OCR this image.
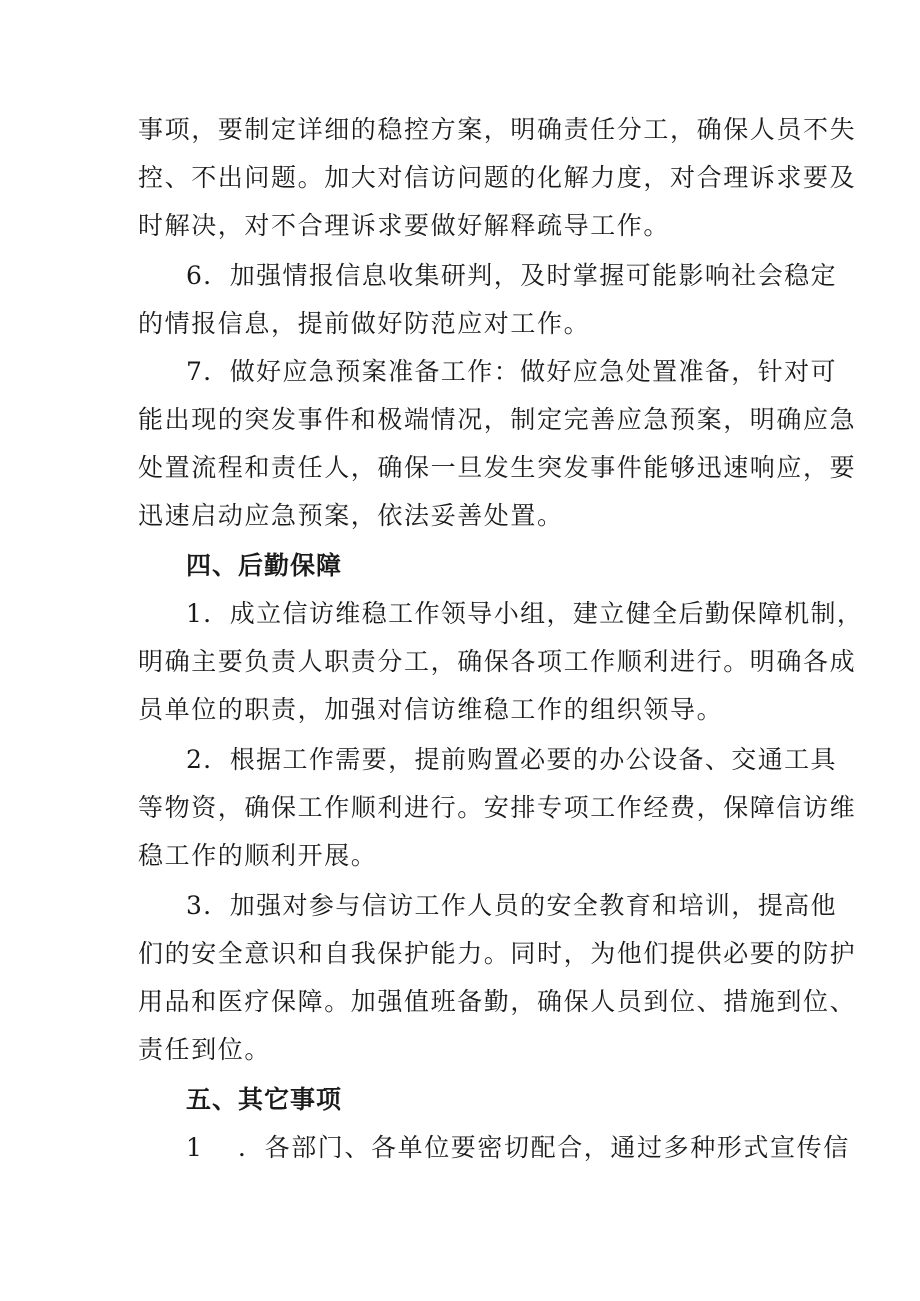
事项，要制定详细的稳控方案，明确责任分工，确保人员不失
控、不出问题。加大对信访问题的化解力度，对合理诉求要及
时解决，对不合理诉求要做好解释疏导工作。
6．加强情报信息收集研判，及时掌握可能影响社会稳定
的情报信息，提前做好防范应对工作。
7．做好应急预案准备工作：做好应急处置准备，针对可
能出现的突发事件和极端情况，制定完善应急预案，明确应急
处置流程和责任人，确保一旦发生突发事件能够迅速响应，要
迅速启动应急预案，依法妥善处置。
四、后勤保障
1．成立信访维稳工作领导小组，建立健全后勤保障机制，
明确主要负责人职责分工，确保各项工作顺利进行。明确各成
员单位的职责，加强对信访维稳工作的组织领导。
2．根据工作需要，提前购置必要的办公设备、交通工具
等物资，确保工作顺利进行。安排专项工作经费，保障信访维
稳工作的顺利开展。
3．加强对参与信访工作人员的安全教育和培训，提高他
们的安全意识和自我保护能力。同时，为他们提供必要的防护
用品和医疗保障。加强值班备勤，确保人员到位、措施到位、
责任到位。
五、其它事项
1 ．各部门、各单位要密切配合，通过多种形式宣传信
